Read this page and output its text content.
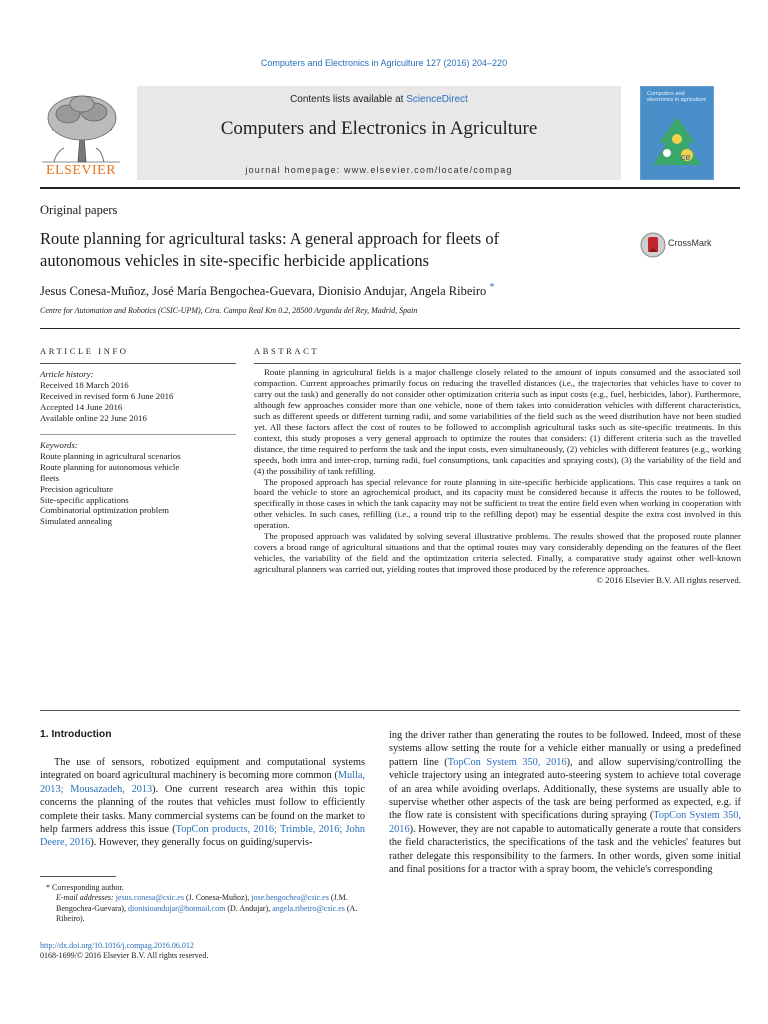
Computers and Electronics in Agriculture 127 (2016) 204–220
Contents lists available at ScienceDirect
Computers and Electronics in Agriculture
journal homepage: www.elsevier.com/locate/compag
ELSEVIER
Computers and electronics in agriculture
ce
Original papers
Route planning for agricultural tasks: A general approach for fleets of
autonomous vehicles in site-specific herbicide applications
CrossMark
Jesus Conesa-Muñoz, José María Bengochea-Guevara, Dionisio Andujar, Angela Ribeiro *
Centre for Automation and Robotics (CSIC-UPM), Ctra. Campo Real Km 0.2, 28500 Arganda del Rey, Madrid, Spain
ARTICLE INFO
Article history:
Received 18 March 2016
Received in revised form 6 June 2016
Accepted 14 June 2016
Available online 22 June 2016
Keywords:
Route planning in agricultural scenarios
Route planning for autonomous vehicle
fleets
Precision agriculture
Site-specific applications
Combinatorial optimization problem
Simulated annealing
ABSTRACT

Route planning in agricultural fields is a major challenge closely related to the amount of inputs consumed and the associated soil compaction. Current approaches primarily focus on reducing the travelled distances (i.e., the trajectories that vehicles have to cover to carry out the task) and generally do not consider other optimization criteria such as input costs (e.g., fuel, herbicides, labor). Furthermore, although few approaches consider more than one vehicle, none of them takes into consideration vehicles with different characteristics, such as different speeds or different turning radii, and some variabilities of the field such as the weed distribution have not been studied yet. All these factors affect the cost of routes to be followed to accomplish agricultural tasks such as site-specific treatments. In this context, this study proposes a very general approach to optimize the routes that considers: (1) different criteria such as the travelled distance, the time required to perform the task and the input costs, even simultaneously, (2) vehicles with different features (e.g., working speeds, both intra and inter-crop, turning radii, fuel consumptions, tank capacities and spraying costs), (3) the variability of the field and (4) the possibility of tank refilling.

The proposed approach has special relevance for route planning in site-specific herbicide applications. This case requires a tank on board the vehicle to store an agrochemical product, and its capacity must be considered because it affects the routes to be followed, specifically in those cases in which the tank capacity may not be sufficient to treat the entire field even when working in cooperation with other vehicles. In such cases, refilling (i.e., a round trip to the refilling depot) may be essential despite the extra cost involved in this operation.

The proposed approach was validated by solving several illustrative problems. The results showed that the proposed route planner covers a broad range of agricultural situations and that the optimal routes may vary considerably depending on the features of the fleet vehicles, the variability of the field and the optimization criteria selected. Finally, a comparative study against other well-known agricultural planners was carried out, yielding routes that improved those produced by the reference approaches.

© 2016 Elsevier B.V. All rights reserved.

1. Introduction

The use of sensors, robotized equipment and computational systems integrated on board agricultural machinery is becoming more common (Mulla, 2013; Mousazadeh, 2013). One current research area within this topic concerns the planning of the routes that vehicles must follow to efficiently complete their tasks. Many commercial systems can be found on the market to help farmers address this issue (TopCon products, 2016; Trimble, 2016; John Deere, 2016). However, they generally focus on guiding/supervis-

ing the driver rather than generating the routes to be followed. Indeed, most of these systems allow setting the route for a vehicle either manually or using a predefined pattern line (TopCon System 350, 2016), and allow supervising/controlling the vehicle trajectory using an integrated auto-steering system to achieve total coverage of an area while avoiding overlaps. Additionally, these systems are usually able to supervise whether other aspects of the task are being performed as expected, e.g. if the flow rate is consistent with specifications during spraying (TopCon System 350, 2016). However, they are not capable to automatically generate a route that considers the field characteristics, the specifications of the task and the vehicles' features but rather delegate this responsibility to the farmers. In other words, given some initial and final positions for a tractor with a spray boom, the vehicle's corresponding

* Corresponding author.
E-mail addresses: jesus.conesa@csic.es (J. Conesa-Muñoz), jose.bengochea@csic.es (J.M. Bengochea-Guevara), dionisioandujar@hotmail.com (D. Andujar), angela.ribeiro@csic.es (A. Ribeiro).
http://dx.doi.org/10.1016/j.compag.2016.06.012
0168-1699/© 2016 Elsevier B.V. All rights reserved.
